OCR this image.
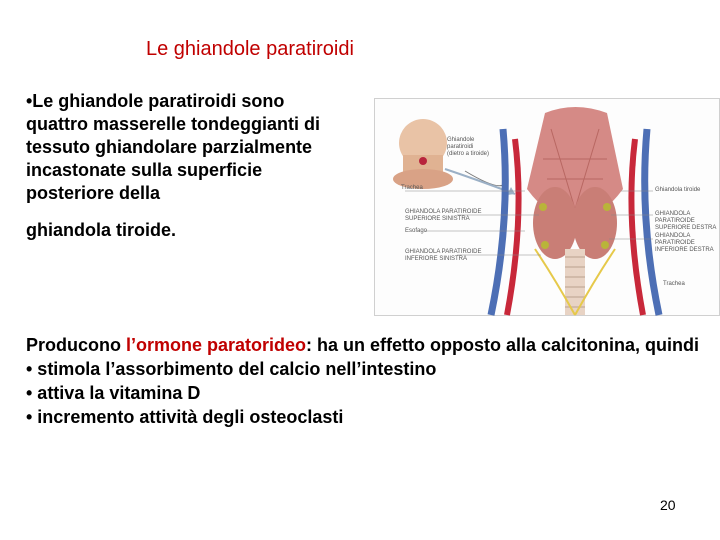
Le ghiandole paratiroidi
•Le ghiandole paratiroidi sono quattro masserelle tondeggianti di tessuto ghiandolare parzialmente incastonate sulla superficie posteriore della
ghiandola tiroide.
Ghiandole
paratiroidi
(dietro a tiroide)
Trachea
GHIANDOLA PARATIROIDE
SUPERIORE SINISTRA
Esofago
GHIANDOLA PARATIROIDE
INFERIORE SINISTRA
Ghiandola tiroide
GHIANDOLA PARATIROIDE
SUPERIORE DESTRA
GHIANDOLA PARATIROIDE
INFERIORE DESTRA
Trachea
Producono l’ormone paratorideo: ha un effetto opposto alla calcitonina, quindi
• stimola l’assorbimento del calcio nell’intestino
• attiva la vitamina D
• incremento attività degli osteoclasti
20
